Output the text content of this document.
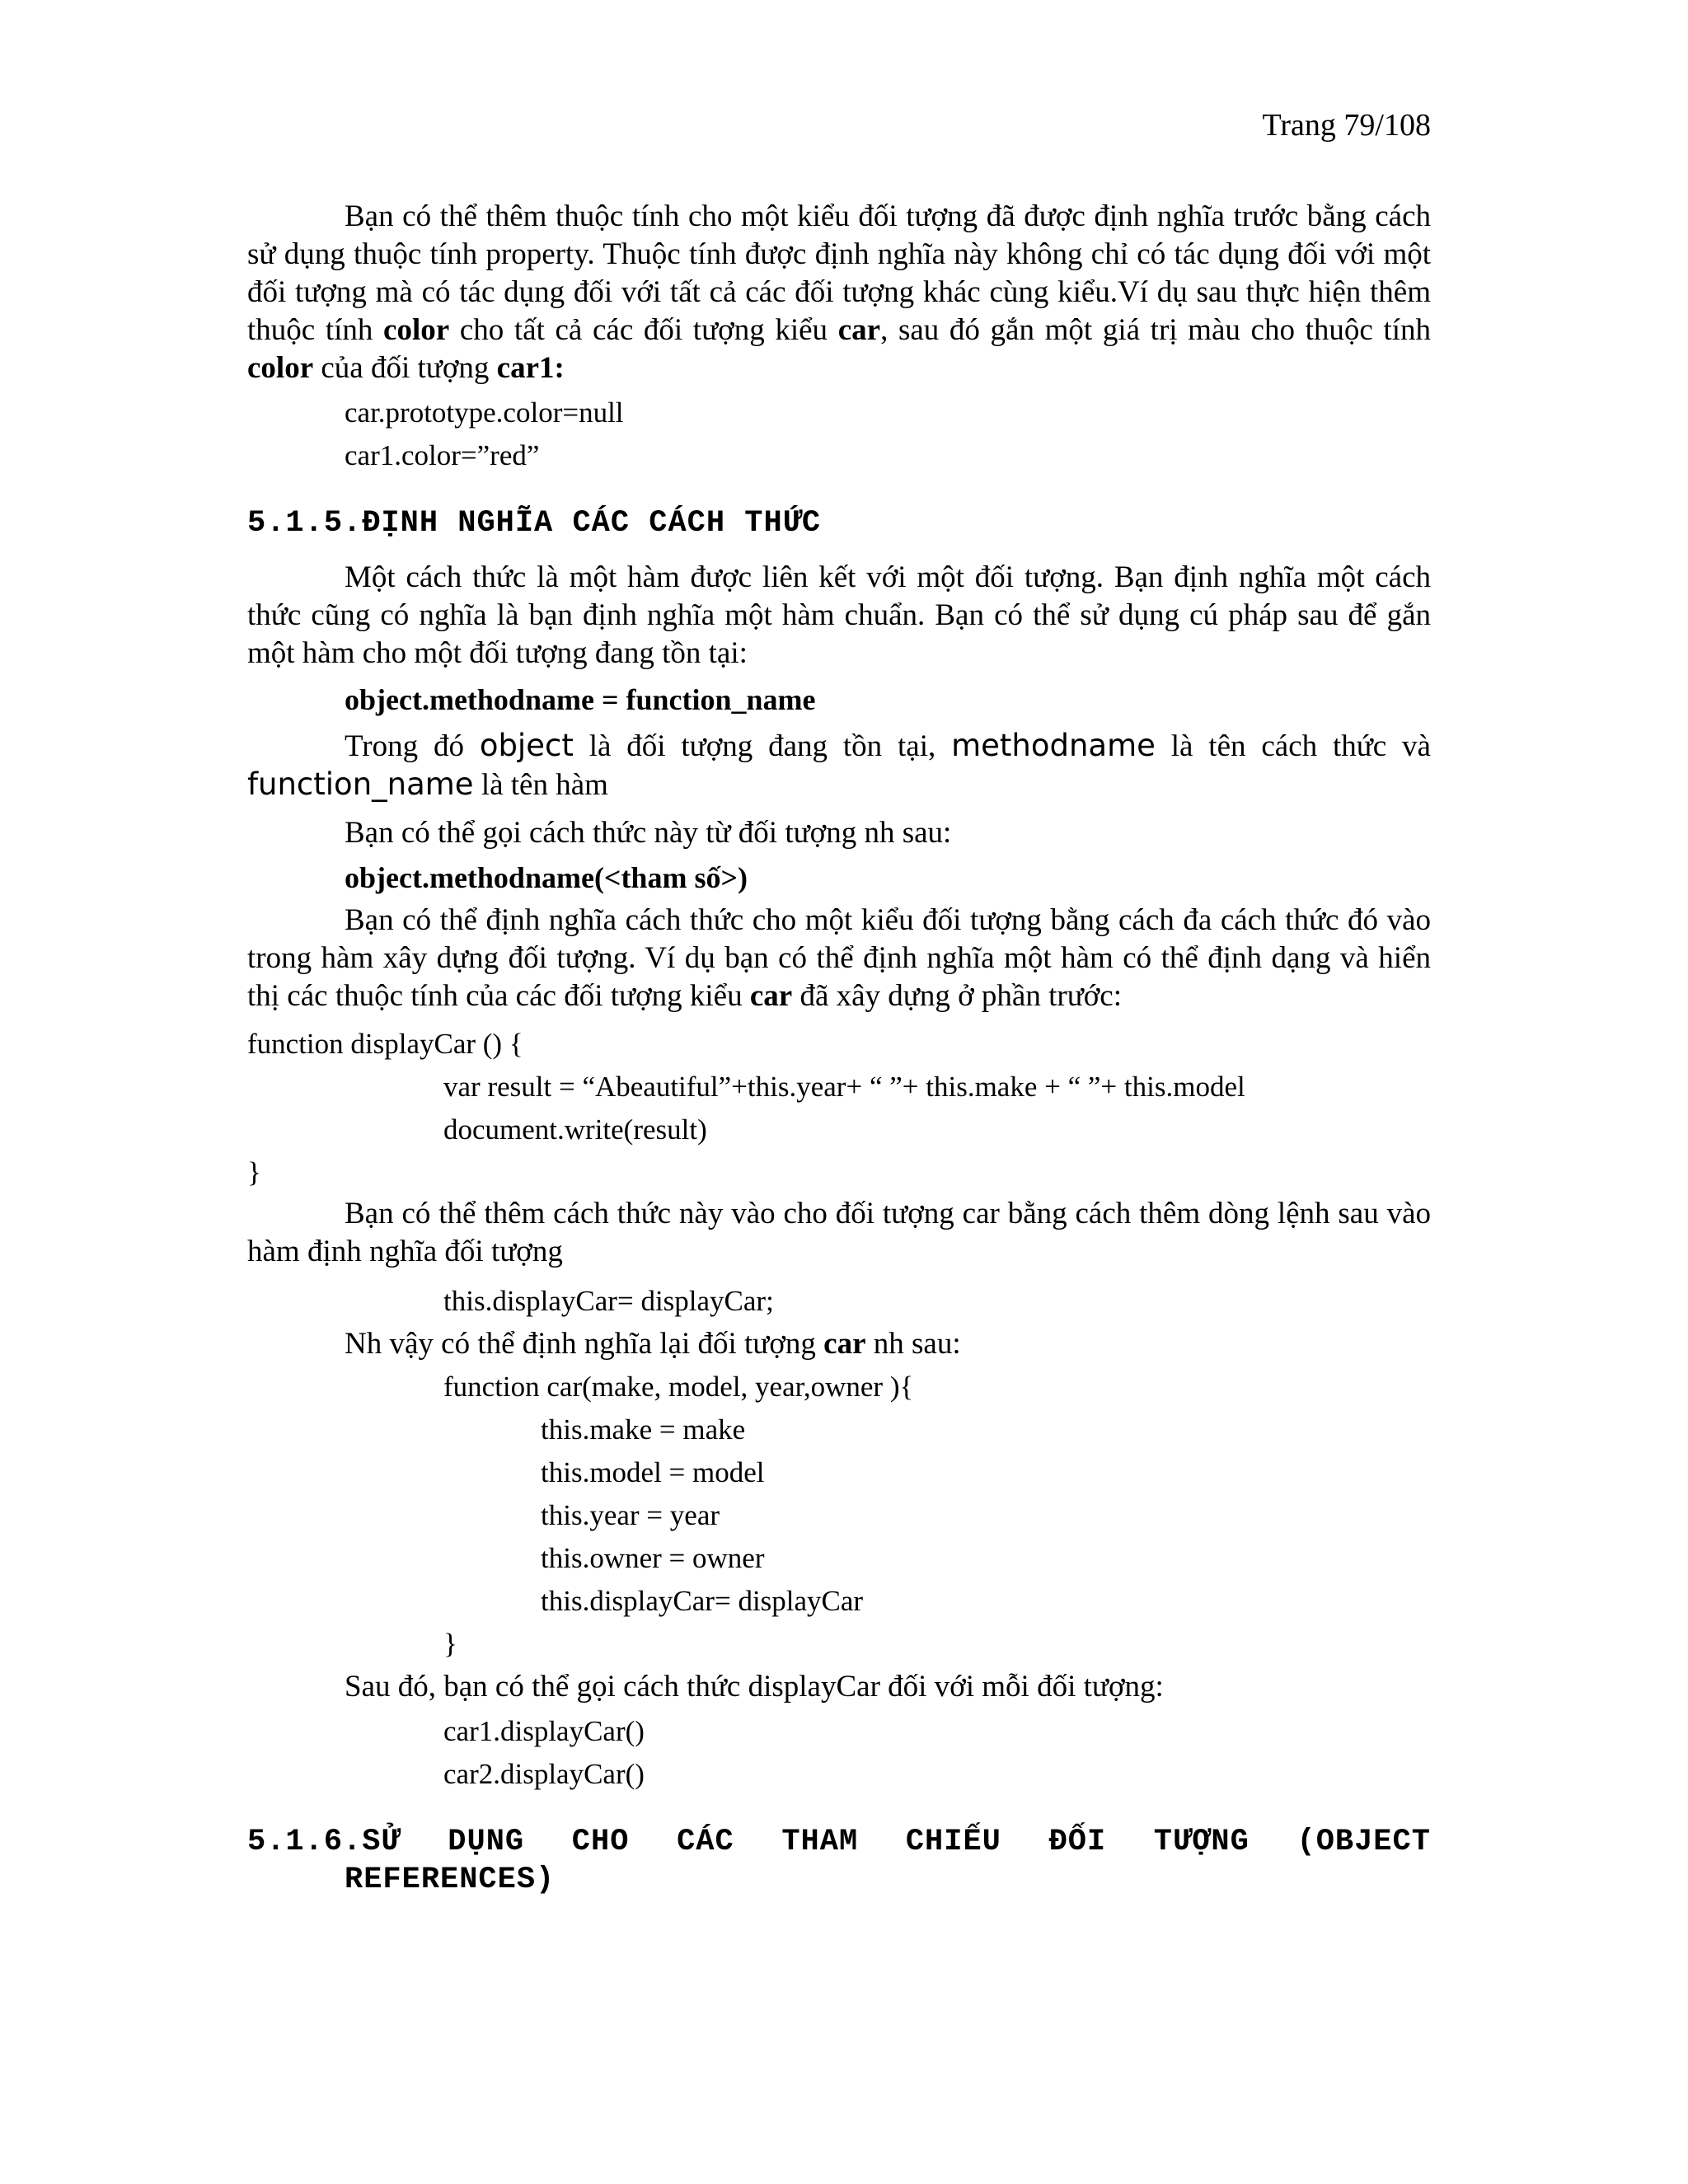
Trang 79/108
Bạn có thể thêm thuộc tính cho một kiểu đối tượng đã được định nghĩa trước bằng cách sử dụng thuộc tính property. Thuộc tính được định nghĩa này không chỉ có tác dụng đối với một đối tượng mà có tác dụng đối với tất cả các đối tượng khác cùng kiểu.Ví dụ sau thực hiện thêm thuộc tính color cho tất cả các đối tượng kiểu car, sau đó gắn một giá trị màu cho thuộc tính color của đối tượng car1:
car.prototype.color=null
car1.color=”red”
5.1.5.ĐỊNH NGHĨA CÁC CÁCH THỨC
Một cách thức là một hàm được liên kết với một đối tượng. Bạn định nghĩa một cách thức cũng có nghĩa là bạn định nghĩa một hàm chuẩn. Bạn có thể sử dụng cú pháp sau để gắn một hàm cho một đối tượng đang tồn tại:
object.methodname = function_name
Trong đó object là đối tượng đang tồn tại, methodname là tên cách thức và function_name là tên hàm
Bạn có thể gọi cách thức này từ đối tượng nh sau:
object.methodname(<tham số>)
Bạn có thể định nghĩa cách thức cho một kiểu đối tượng bằng cách đa cách thức đó vào trong hàm xây dựng đối tượng. Ví dụ bạn có thể định nghĩa một hàm có thể định dạng và hiển thị các thuộc tính của các đối tượng kiểu car đã xây dựng ở phần trước:
function displayCar () {
var result = “Abeautiful”+this.year+ “ ”+ this.make + “ ”+ this.model
document.write(result)
}
Bạn có thể thêm cách thức này vào cho đối tượng car bằng cách thêm dòng lệnh sau vào hàm định nghĩa đối tượng
this.displayCar= displayCar;
Nh vậy có thể định nghĩa lại đối tượng car nh sau:
function car(make, model, year,owner ){
this.make = make
this.model = model
this.year = year
this.owner = owner
this.displayCar= displayCar
}
Sau đó, bạn có thể gọi cách thức displayCar đối với mỗi đối tượng:
car1.displayCar()
car2.displayCar()
5.1.6.SỬ DỤNG CHO CÁC THAM CHIẾU ĐỐI TƯỢNG (OBJECT
REFERENCES)
